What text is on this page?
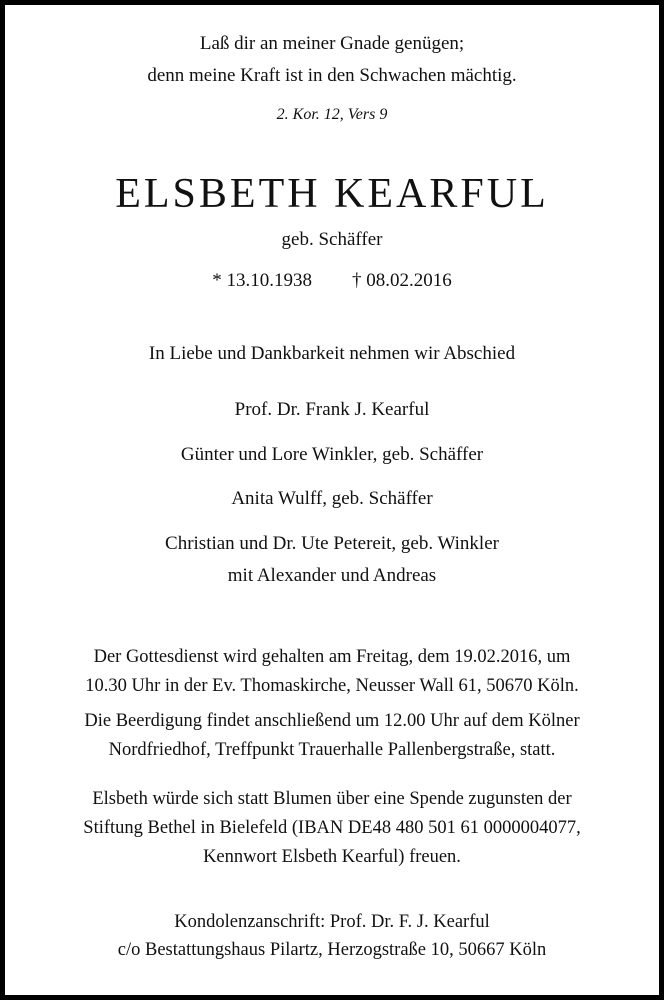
Laß dir an meiner Gnade genügen;
denn meine Kraft ist in den Schwachen mächtig.
2. Kor. 12, Vers 9
ELSBETH KEARFUL
geb. Schäffer
* 13.10.1938 † 08.02.2016
In Liebe und Dankbarkeit nehmen wir Abschied
Prof. Dr. Frank J. Kearful
Günter und Lore Winkler, geb. Schäffer
Anita Wulff, geb. Schäffer
Christian und Dr. Ute Petereit, geb. Winkler
mit Alexander und Andreas
Der Gottesdienst wird gehalten am Freitag, dem 19.02.2016, um
10.30 Uhr in der Ev. Thomaskirche, Neusser Wall 61, 50670 Köln.
Die Beerdigung findet anschließend um 12.00 Uhr auf dem Kölner
Nordfriedhof, Treffpunkt Trauerhalle Pallenbergstraße, statt.
Elsbeth würde sich statt Blumen über eine Spende zugunsten der
Stiftung Bethel in Bielefeld (IBAN DE48 480 501 61 0000004077,
Kennwort Elsbeth Kearful) freuen.
Kondolenzanschrift: Prof. Dr. F. J. Kearful
c/o Bestattungshaus Pilartz, Herzogstraße 10, 50667 Köln
